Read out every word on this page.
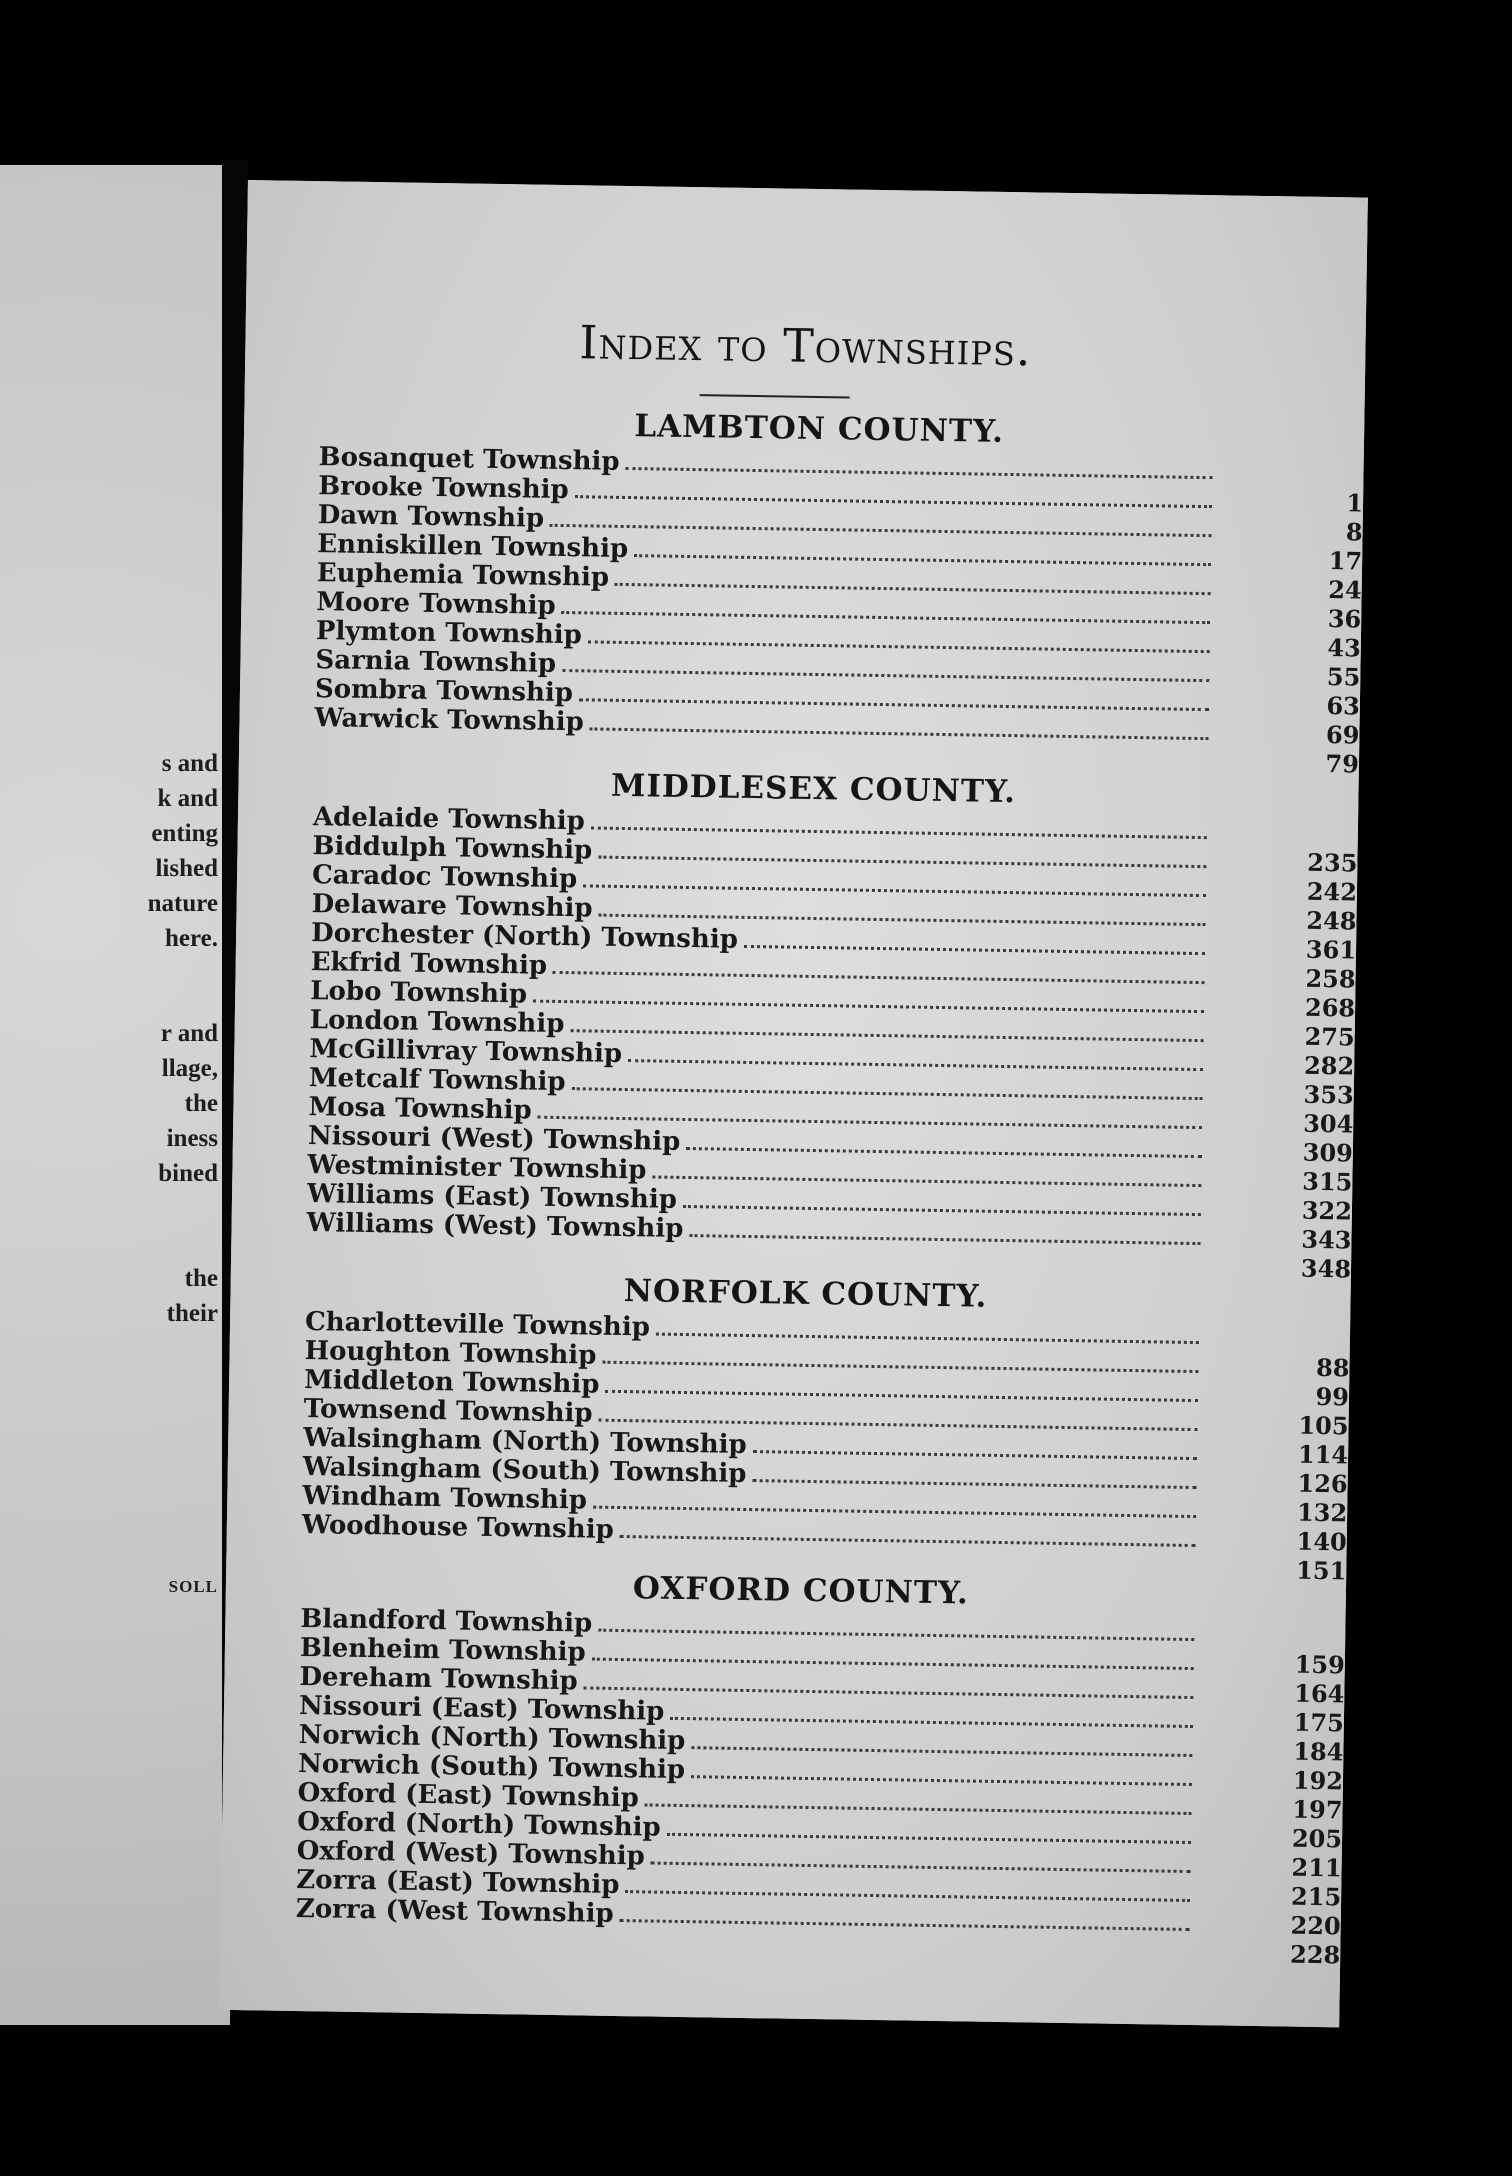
s and
k and
enting
lished
nature
here.
r and
llage,
the
iness
bined
the
their
SOLL
Index to Townships.
LAMBTON COUNTY.
Bosanquet Township
Brooke Township
Dawn Township
Enniskillen Township
Euphemia Township
Moore Township
Plymton Township
Sarnia Township
Sombra Township
Warwick Township
1
8
17
24
36
43
55
63
69
79
MIDDLESEX COUNTY.
Adelaide Township
Biddulph Township
Caradoc Township
Delaware Township
Dorchester (North) Township
Ekfrid Township
Lobo Township
London Township
McGillivray Township
Metcalf Township
Mosa Township
Nissouri (West) Township
Westminister Township
Williams (East) Township
Williams (West) Township
235
242
248
361
258
268
275
282
353
304
309
315
322
343
348
NORFOLK COUNTY.
Charlotteville Township
Houghton Township
Middleton Township
Townsend Township
Walsingham (North) Township
Walsingham (South) Township
Windham Township
Woodhouse Township
88
99
105
114
126
132
140
151
OXFORD COUNTY.
Blandford Township
Blenheim Township
Dereham Township
Nissouri (East) Township
Norwich (North) Township
Norwich (South) Township
Oxford (East) Township
Oxford (North) Township
Oxford (West) Township
Zorra (East) Township
Zorra (West Township
159
164
175
184
192
197
205
211
215
220
228
